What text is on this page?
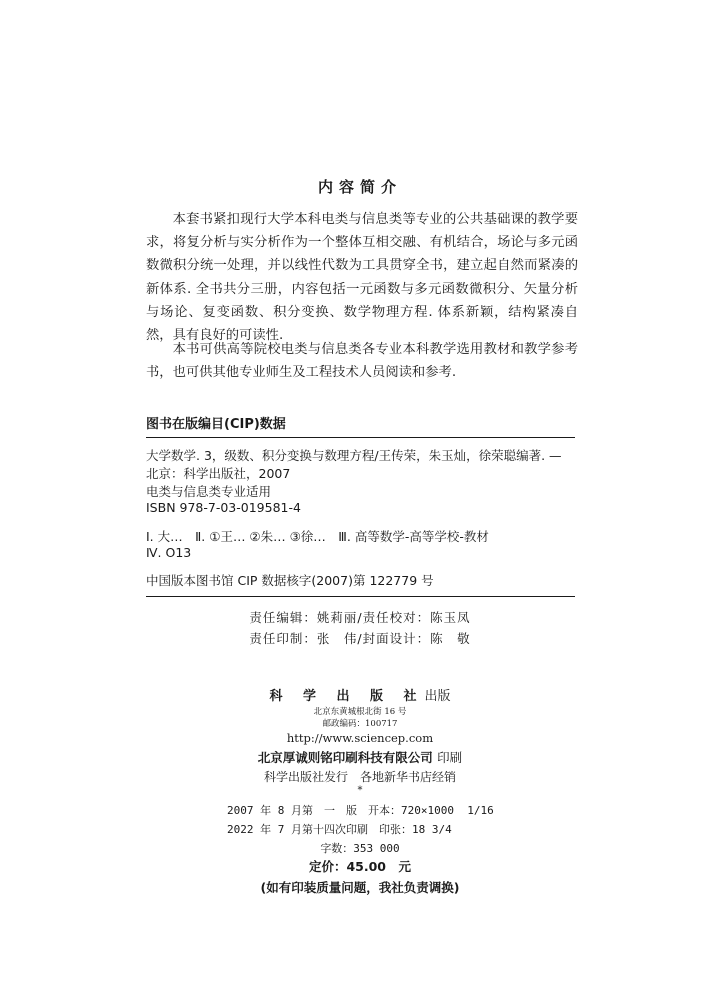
内容简介

本套书紧扣现行大学本科电类与信息类等专业的公共基础课的教学要求，将复分析与实分析作为一个整体互相交融、有机结合，场论与多元函数微积分统一处理，并以线性代数为工具贯穿全书，建立起自然而紧凑的新体系. 全书共分三册，内容包括一元函数与多元函数微积分、矢量分析与场论、复变函数、积分变换、数学物理方程. 体系新颖，结构紧凑自然，具有良好的可读性.

本书可供高等院校电类与信息类各专业本科教学选用教材和教学参考书，也可供其他专业师生及工程技术人员阅读和参考.

图书在版编目(CIP)数据
大学数学. 3，级数、积分变换与数理方程/王传荣，朱玉灿，徐荣聪编著. —
北京：科学出版社，2007
电类与信息类专业适用
ISBN 978-7-03-019581-4
Ⅰ. 大…　Ⅱ. ①王… ②朱… ③徐…　Ⅲ. 高等数学-高等学校-教材
Ⅳ. O13
中国版本图书馆 CIP 数据核字(2007)第 122779 号
责任编辑：姚莉丽/责任校对：陈玉凤
责任印制：张　伟/封面设计：陈　敬
科 学 出 版 社出版
北京东黄城根北街 16 号
邮政编码：100717
http://www.sciencep.com
北京厚诚则铭印刷科技有限公司 印刷
科学出版社发行　各地新华书店经销
*
2007 年 8 月第　一　版　开本：720×1000  1/16
2022 年 7 月第十四次印刷　印张：18 3/4
字数：353 000
定价：45.00　元
(如有印装质量问题，我社负责调换)
